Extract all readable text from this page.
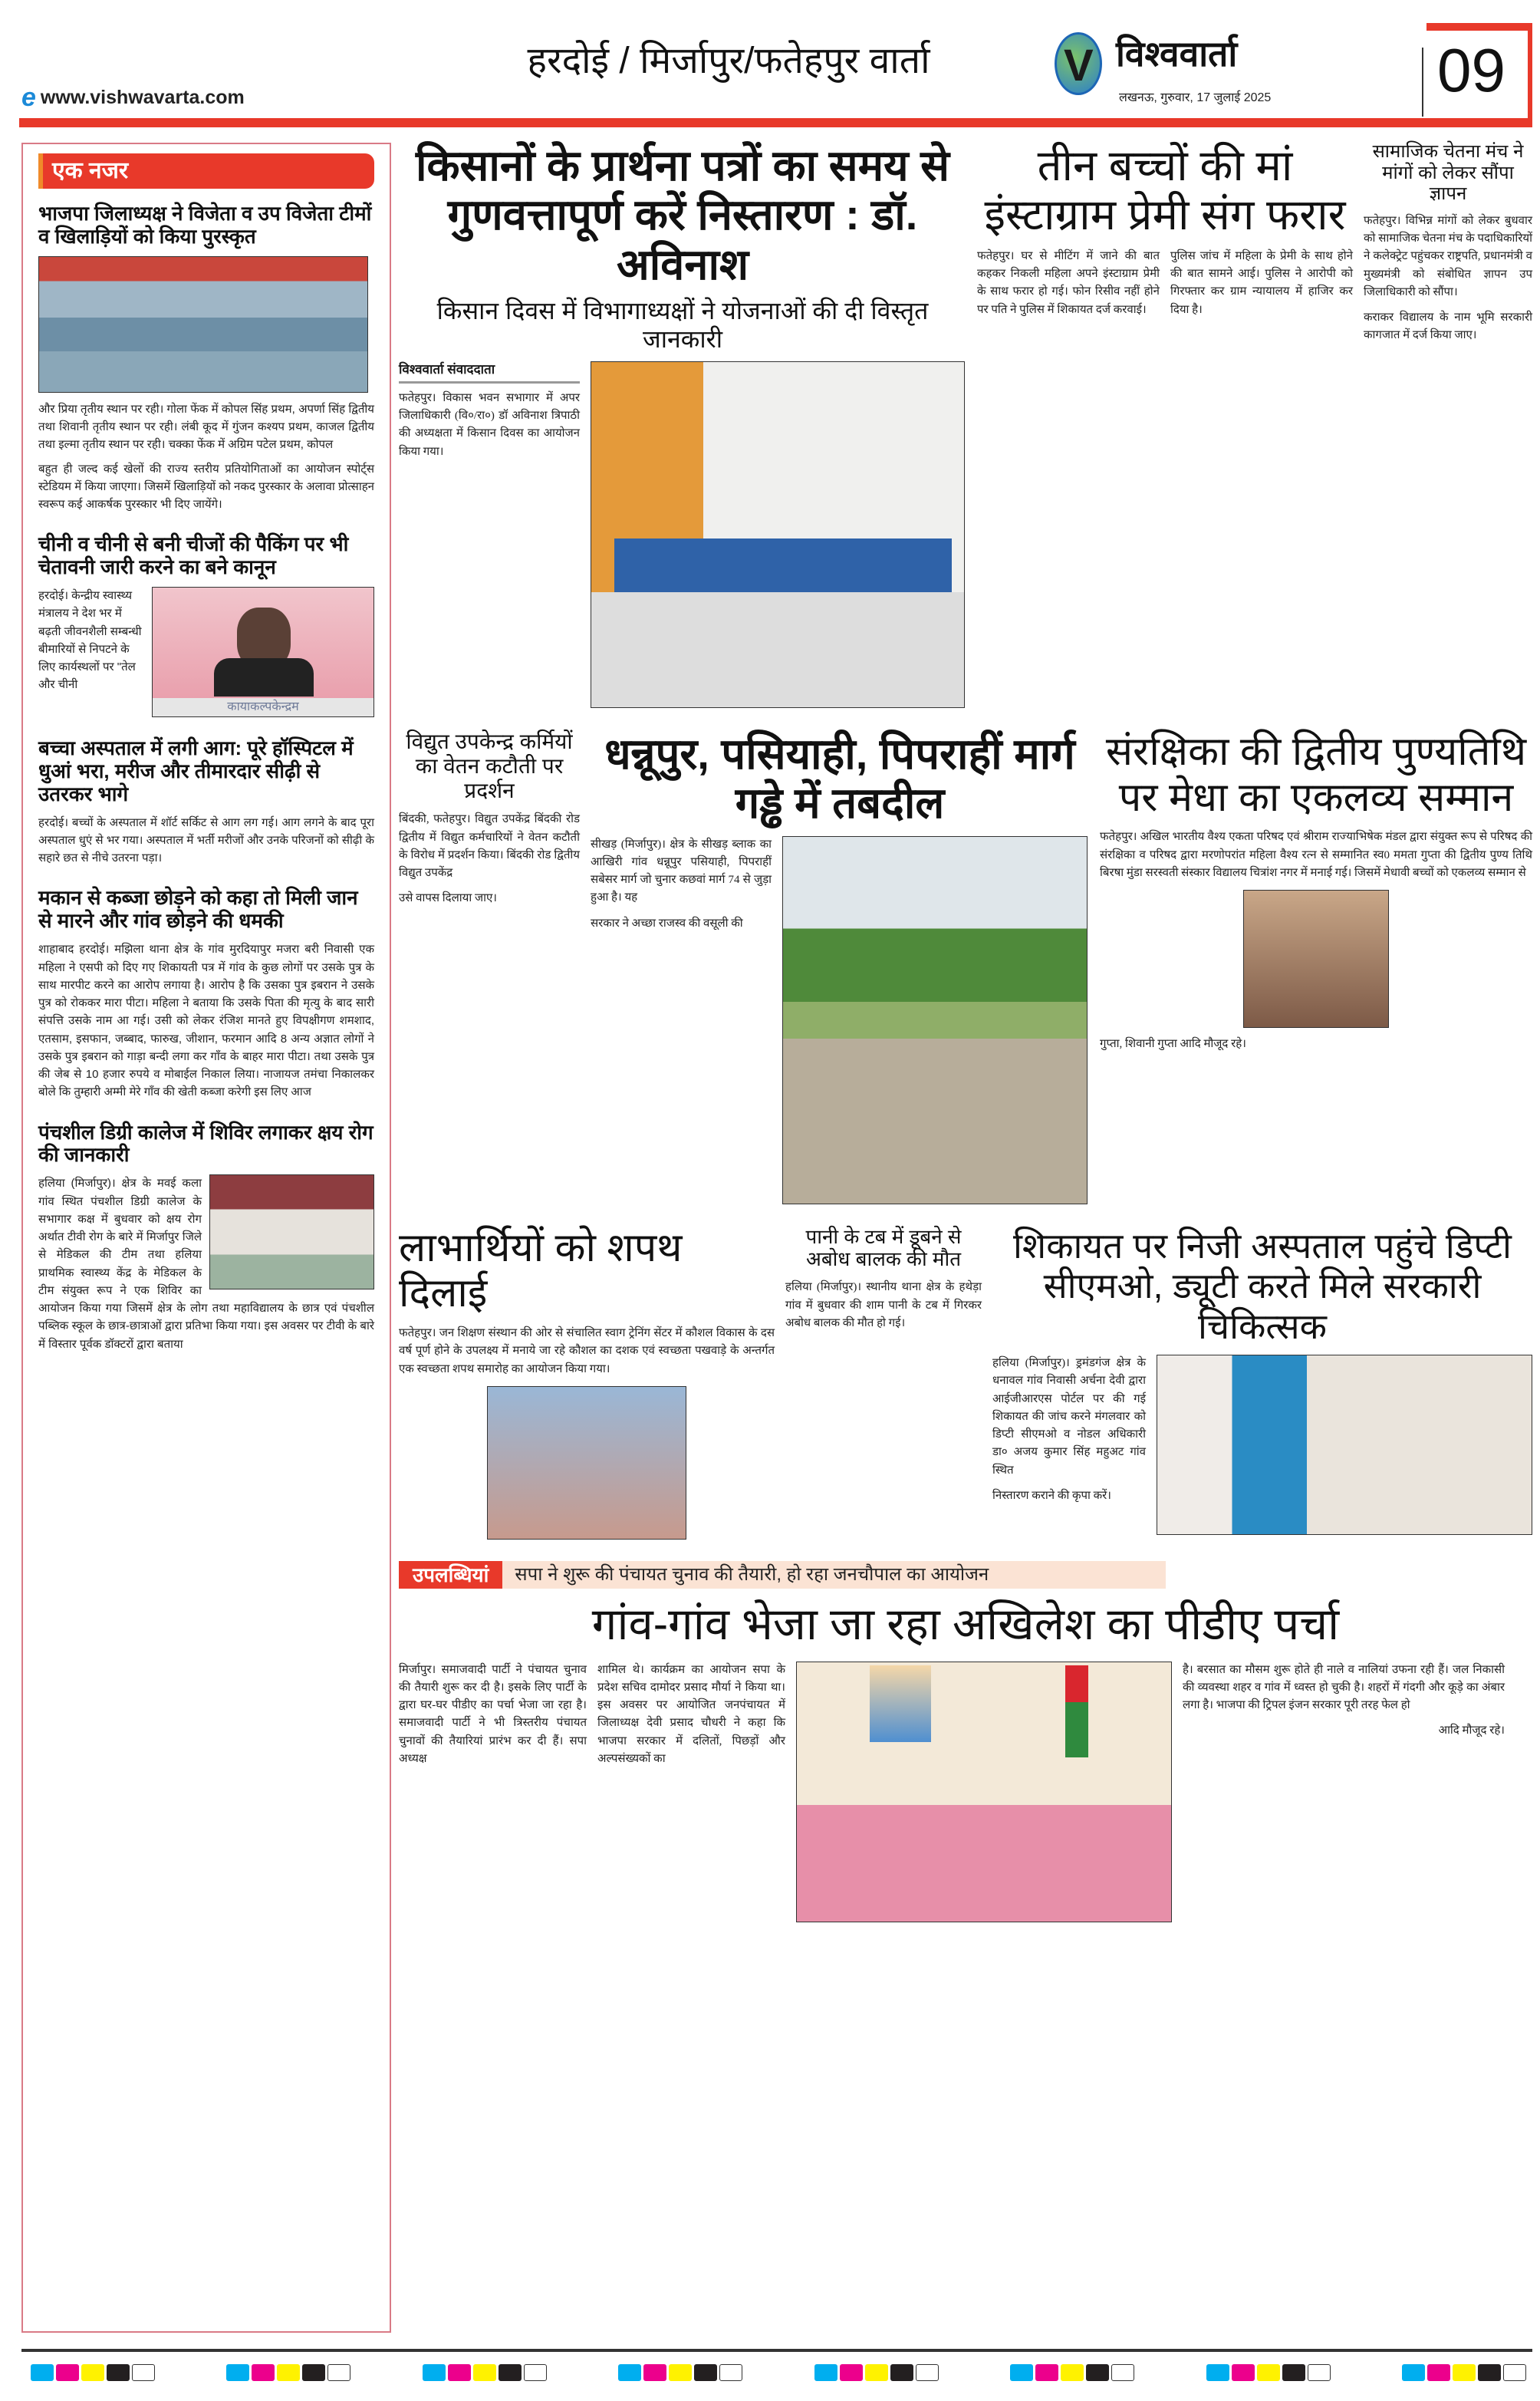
e www.vishwavarta.com
हरदोई / मिर्जापुर/फतेहपुर वार्ता	V विश्ववार्ता
लखनऊ, गुरुवार, 17 जुलाई 2025	09
एक नजर
भाजपा जिलाध्यक्ष ने विजेता व उप विजेता टीमों व खिलाड़ियों को किया पुरस्कृत
और प्रिया तृतीय स्थान पर रही। गोला फेंक में कोपल सिंह प्रथम, अपर्णा सिंह द्वितीय तथा शिवानी तृतीय स्थान पर रही। लंबी कूद में गुंजन कश्यप प्रथम, काजल द्वितीय तथा इल्मा तृतीय स्थान पर रही। चक्का फेंक में अग्रिम पटेल प्रथम, कोपल
बहुत ही जल्द कई खेलों की राज्य स्तरीय प्रतियोगिताओं का आयोजन स्पोर्ट्स स्टेडियम में किया जाएगा। जिसमें खिलाड़ियों को नकद पुरस्कार के अलावा प्रोत्साहन स्वरूप कई आकर्षक पुरस्कार भी दिए जायेंगे।
चीनी व चीनी से बनी चीजों की पैकिंग पर भी चेतावनी जारी करने का बने कानून
कायाकल्पकेन्द्रम
हरदोई। केन्द्रीय स्वास्थ्य मंत्रालय ने देश भर में बढ़ती जीवनशैली सम्बन्धी बीमारियों से निपटने के लिए कार्यस्थलों पर "तेल और चीनी
बच्चा अस्पताल में लगी आग: पूरे हॉस्पिटल में धुआं भरा, मरीज और तीमारदार सीढ़ी से उतरकर भागे
हरदोई। बच्चों के अस्पताल में शॉर्ट सर्किट से आग लग गई। आग लगने के बाद पूरा अस्पताल धुएं से भर गया। अस्पताल में भर्ती मरीजों और उनके परिजनों को सीढ़ी के सहारे छत से नीचे उतरना पड़ा।
मकान से कब्जा छोड़ने को कहा तो मिली जान से मारने और गांव छोड़ने की धमकी
शाहाबाद हरदोई। मझिला थाना क्षेत्र के गांव मुरदियापुर मजरा बरी निवासी एक महिला ने एसपी को दिए गए शिकायती पत्र में गांव के कुछ लोगों पर उसके पुत्र के साथ मारपीट करने का आरोप लगाया है। आरोप है कि उसका पुत्र इबरान ने उसके पुत्र को रोककर मारा पीटा। महिला ने बताया कि उसके पिता की मृत्यु के बाद सारी संपत्ति उसके नाम आ गई। उसी को लेकर रंजिश मानते हुए विपक्षीगण शमशाद, एतसाम, इसफान, जब्बाद, फारुख, जीशान, फरमान आदि 8 अन्य अज्ञात लोगों ने उसके पुत्र इबरान को गाड़ा बन्दी लगा कर गाँव के बाहर मारा पीटा। तथा उसके पुत्र की जेब से 10 हजार रुपये व मोबाईल निकाल लिया। नाजायज तमंचा निकालकर बोले कि तुम्हारी अम्मी मेरे गाँव की खेती कब्जा करेगी इस लिए आज
पंचशील डिग्री कालेज में शिविर लगाकर क्षय रोग की जानकारी
हलिया (मिर्जापुर)। क्षेत्र के मवई कला गांव स्थित पंचशील डिग्री कालेज के सभागार कक्ष में बुधवार को क्षय रोग अर्थात टीवी रोग के बारे में मिर्जापुर जिले से मेडिकल की टीम तथा हलिया प्राथमिक स्वास्थ्य केंद्र के मेडिकल के टीम संयुक्त रूप ने एक शिविर का आयोजन किया गया जिसमें क्षेत्र के लोग तथा महाविद्यालय के छात्र एवं पंचशील पब्लिक स्कूल के छात्र-छात्राओं द्वारा प्रतिभा किया गया। इस अवसर पर टीवी के बारे में विस्तार पूर्वक डॉक्टरों द्वारा बताया
किसानों के प्रार्थना पत्रों का समय से गुणवत्तापूर्ण करें निस्तारण : डॉ. अविनाश
किसान दिवस में विभागाध्यक्षों ने योजनाओं की दी विस्तृत जानकारी
विश्ववार्ता संवाददाता
फतेहपुर। विकास भवन सभागार में अपर जिलाधिकारी (वि०/रा०) डॉ अविनाश त्रिपाठी की अध्यक्षता में किसान दिवस का आयोजन किया गया।
तीन बच्चों की मां इंस्टाग्राम प्रेमी संग फरार
फतेहपुर। घर से मीटिंग में जाने की बात कहकर निकली महिला अपने इंस्टाग्राम प्रेमी के साथ फरार हो गई। फोन रिसीव नहीं होने पर पति ने पुलिस में शिकायत दर्ज करवाई।
पुलिस जांच में महिला के प्रेमी के साथ होने की बात सामने आई। पुलिस ने आरोपी को गिरफ्तार कर ग्राम न्यायालय में हाजिर कर दिया है।
सामाजिक चेतना मंच ने मांगों को लेकर सौंपा ज्ञापन
फतेहपुर। विभिन्न मांगों को लेकर बुधवार को सामाजिक चेतना मंच के पदाधिकारियों ने कलेक्ट्रेट पहुंचकर राष्ट्रपति, प्रधानमंत्री व मुख्यमंत्री को संबोधित ज्ञापन उप जिलाधिकारी को सौंपा।
कराकर विद्यालय के नाम भूमि सरकारी कागजात में दर्ज किया जाए।
विद्युत उपकेन्द्र कर्मियों का वेतन कटौती पर प्रदर्शन
बिंदकी, फतेहपुर। विद्युत उपकेंद्र बिंदकी रोड द्वितीय में विद्युत कर्मचारियों ने वेतन कटौती के विरोध में प्रदर्शन किया। बिंदकी रोड द्वितीय विद्युत उपकेंद्र
उसे वापस दिलाया जाए।
धन्नूपुर, पसियाही, पिपराहीं मार्ग गड्ढे में तबदील
सीखड़ (मिर्जापुर)। क्षेत्र के सीखड़ ब्लाक का आखिरी गांव धन्नूपुर पसियाही, पिपराहीं सबेसर मार्ग जो चुनार कछवां मार्ग 74 से जुड़ा हुआ है। यह
सरकार ने अच्छा राजस्व की वसूली की
संरक्षिका की द्वितीय पुण्यतिथि पर मेधा का एकलव्य सम्मान
फतेहपुर। अखिल भारतीय वैश्य एकता परिषद एवं श्रीराम राज्याभिषेक मंडल द्वारा संयुक्त रूप से परिषद की संरक्षिका व परिषद द्वारा मरणोपरांत महिला वैश्य रत्न से सम्मानित स्व0 ममता गुप्ता की द्वितीय पुण्य तिथि बिरषा मुंडा सरस्वती संस्कार विद्यालय चित्रांश नगर में मनाई गई। जिसमें मेधावी बच्चों को एकलव्य सम्मान से
गुप्ता, शिवानी गुप्ता आदि मौजूद रहे।
लाभार्थियों को शपथ दिलाई
फतेहपुर। जन शिक्षण संस्थान की ओर से संचालित स्वाग ट्रेनिंग सेंटर में कौशल विकास के दस वर्ष पूर्ण होने के उपलक्ष्य में मनाये जा रहे कौशल का दशक एवं स्वच्छता पखवाड़े के अन्तर्गत एक स्वच्छता शपथ समारोह का आयोजन किया गया।
पानी के टब में डूबने से अबोध बालक की मौत
हलिया (मिर्जापुर)। स्थानीय थाना क्षेत्र के हथेड़ा गांव में बुधवार की शाम पानी के टब में गिरकर अबोध बालक की मौत हो गई।
शिकायत पर निजी अस्पताल पहुंचे डिप्टी सीएमओ, ड्यूटी करते मिले सरकारी चिकित्सक
हलिया (मिर्जापुर)। ड्रमंडगंज क्षेत्र के धनावल गांव निवासी अर्चना देवी द्वारा आईजीआरएस पोर्टल पर की गई शिकायत की जांच करने मंगलवार को डिप्टी सीएमओ व नोडल अधिकारी डा० अजय कुमार सिंह महुअट गांव स्थित
निस्तारण कराने की कृपा करें।
उपलब्धियां	सपा ने शुरू की पंचायत चुनाव की तैयारी, हो रहा जनचौपाल का आयोजन
गांव-गांव भेजा जा रहा अखिलेश का पीडीए पर्चा
मिर्जापुर। समाजवादी पार्टी ने पंचायत चुनाव की तैयारी शुरू कर दी है। इसके लिए पार्टी के द्वारा घर-घर पीडीए का पर्चा भेजा जा रहा है। समाजवादी पार्टी ने भी त्रिस्तरीय पंचायत चुनावों की तैयारियां प्रारंभ कर दी हैं। सपा अध्यक्ष
शामिल थे। कार्यक्रम का आयोजन सपा के प्रदेश सचिव दामोदर प्रसाद मौर्या ने किया था। इस अवसर पर आयोजित जनपंचायत में जिलाध्यक्ष देवी प्रसाद चौधरी ने कहा कि भाजपा सरकार में दलितों, पिछड़ों और अल्पसंख्यकों का
है। बरसात का मौसम शुरू होते ही नाले व नालियां उफना रही हैं। जल निकासी की व्यवस्था शहर व गांव में ध्वस्त हो चुकी है। शहरों में गंदगी और कूड़े का अंबार लगा है। भाजपा की ट्रिपल इंजन सरकार पूरी तरह फेल हो
आदि मौजूद रहे।
